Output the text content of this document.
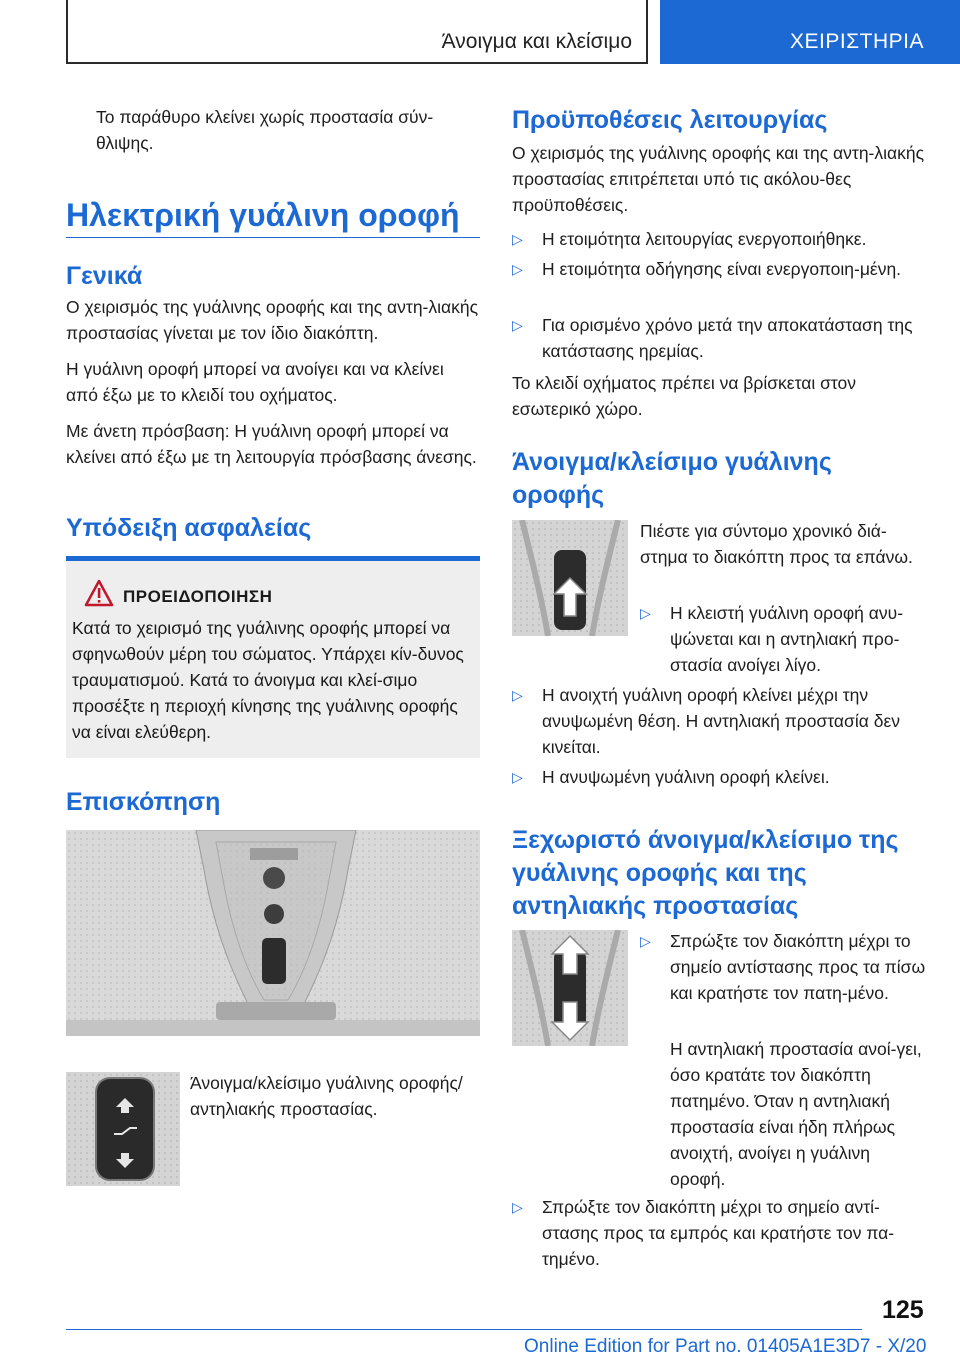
Άνοιγμα και κλείσιμο	ΧΕΙΡΙΣΤΗΡΙΑ

Το παράθυρο κλείνει χωρίς προστασία σύν-θλιψης.

Ηλεκτρική γυάλινη οροφή
Γενικά

Ο χειρισμός της γυάλινης οροφής και της αντη-λιακής προστασίας γίνεται με τον ίδιο διακόπτη.

Η γυάλινη οροφή μπορεί να ανοίγει και να κλείνει από έξω με το κλειδί του οχήματος.

Με άνετη πρόσβαση: Η γυάλινη οροφή μπορεί να κλείνει από έξω με τη λειτουργία πρόσβασης άνεσης.

Υπόδειξη ασφαλείας
ΠΡΟΕΙΔΟΠΟΙΗΣΗ

Κατά το χειρισμό της γυάλινης οροφής μπορεί να σφηνωθούν μέρη του σώματος. Υπάρχει κίν-δυνος τραυματισμού. Κατά το άνοιγμα και κλεί-σιμο προσέξτε η περιοχή κίνησης της γυάλινης οροφής να είναι ελεύθερη.

Επισκόπηση

Άνοιγμα/κλείσιμο γυάλινης οροφής/αντηλιακής προστασίας.

Προϋποθέσεις λειτουργίας

Ο χειρισμός της γυάλινης οροφής και της αντη-λιακής προστασίας επιτρέπεται υπό τις ακόλου-θες προϋποθέσεις.

▷ Η ετοιμότητα λειτουργίας ενεργοποιήθηκε.
▷ Η ετοιμότητα οδήγησης είναι ενεργοποιη-μένη.
▷ Για ορισμένο χρόνο μετά την αποκατάσταση της κατάστασης ηρεμίας.

Το κλειδί οχήματος πρέπει να βρίσκεται στον εσωτερικό χώρο.

Άνοιγμα/κλείσιμο γυάλινης οροφής

Πιέστε για σύντομο χρονικό διά-στημα το διακόπτη προς τα επάνω.

▷ Η κλειστή γυάλινη οροφή ανυ-ψώνεται και η αντηλιακή προ-στασία ανοίγει λίγο.
▷ Η ανοιχτή γυάλινη οροφή κλείνει μέχρι την ανυψωμένη θέση. Η αντηλιακή προστασία δεν κινείται.
▷ Η ανυψωμένη γυάλινη οροφή κλείνει.
Ξεχωριστό άνοιγμα/κλείσιμο της γυάλινης οροφής και της αντηλιακής προστασίας
▷ Σπρώξτε τον διακόπτη μέχρι το σημείο αντίστασης προς τα πίσω και κρατήστε τον πατη-μένο.

Η αντηλιακή προστασία ανοί-γει, όσο κρατάτε τον διακόπτη πατημένο. Όταν η αντηλιακή προστασία είναι ήδη πλήρως ανοιχτή, ανοίγει η γυάλινη οροφή.

▷ Σπρώξτε τον διακόπτη μέχρι το σημείο αντί-στασης προς τα εμπρός και κρατήστε τον πα-τημένο.
125
Online Edition for Part no. 01405A1E3D7 - X/20
